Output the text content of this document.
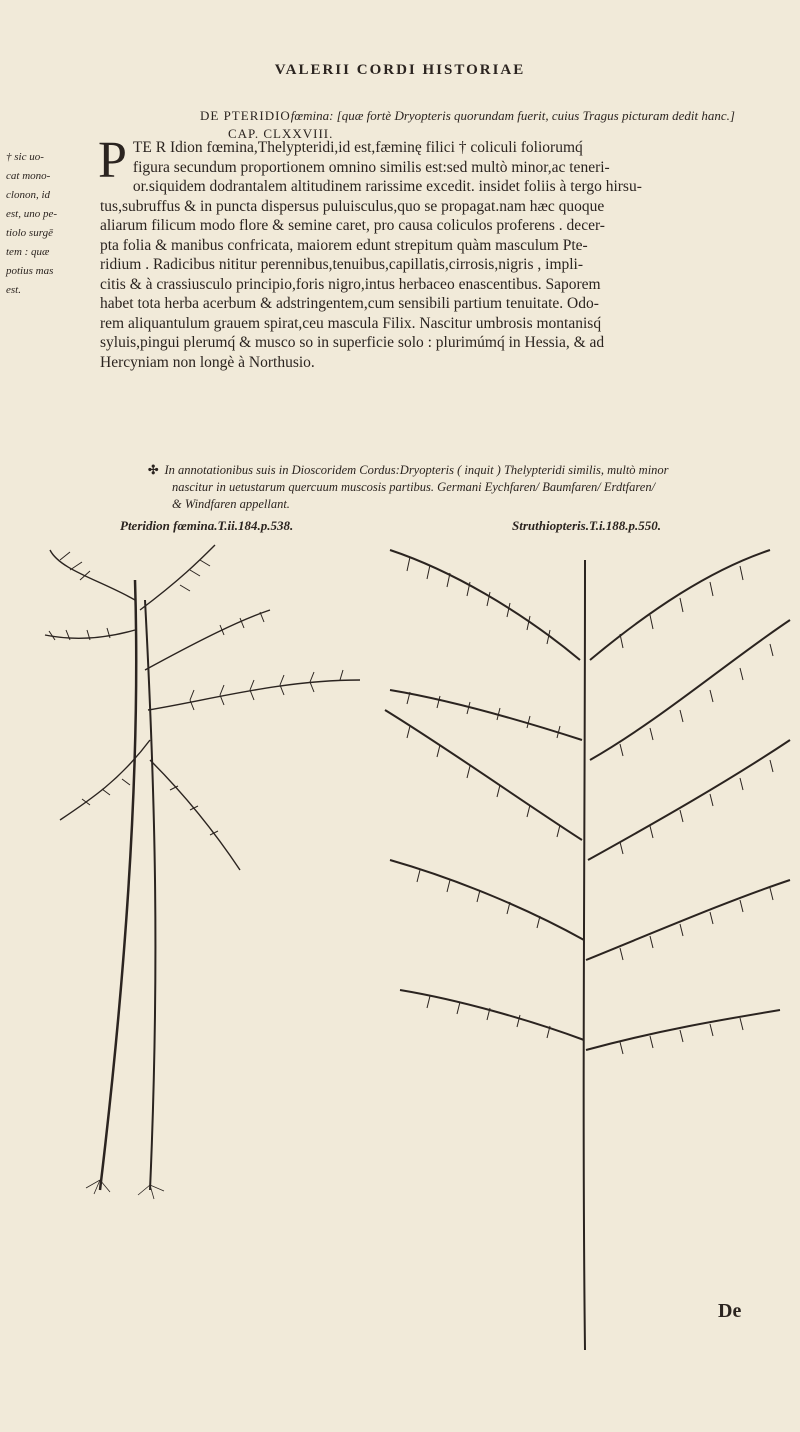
VALERII CORDI HISTORIAE
DE PTERIDIOfœmina: [quæ fortè Dryopteris quorundam fuerit, cuius Tragus picturam dedit hanc.] CAP. CLXXVIII.
† sic uo-
cat mono-
clonon, id
est, uno pe-
tiolo surgē
tem : quæ
potius mas
est.
P TE R Idion fœmina,Thelypteridi,id est,fæminę filici † coliculi foliorumq́
figura secundum proportionem omnino similis est:sed multò minor,ac teneri-
or.siquidem dodrantalem altitudinem rarissime excedit. insidet foliis à tergo hirsu-
tus,subruffus & in puncta dispersus puluisculus,quo se propagat.nam hæc quoque
aliarum filicum modo flore & semine caret, pro causa coliculos proferens . decer-
pta folia & manibus confricata, maiorem edunt strepitum quàm masculum Pte-
ridium . Radicibus nititur perennibus,tenuibus,capillatis,cirrosis,nigris , impli-
citis & à crassiusculo principio,foris nigro,intus herbaceo enascentibus. Saporem
habet tota herba acerbum & adstringentem,cum sensibili partium tenuitate. Odo-
rem aliquantulum grauem spirat,ceu mascula Filix. Nascitur umbrosis montanisq́
syluis,pingui plerumq́ & musco so in superficie solo : plurimúmq́ in Hessia, & ad
Hercyniam non longè à Northusio.
✣ In annotationibus suis in Dioscoridem Cordus:Dryopteris ( inquit ) Thelypteridi similis, multò minor
nascitur in uetustarum quercuum muscosis partibus. Germani Eychfaren/ Baumfaren/ Erdtfaren/
& Windfaren appellant.
Pteridion fœmina.T.ii.184.p.538.	Struthiopteris.T.i.188.p.550.
De
